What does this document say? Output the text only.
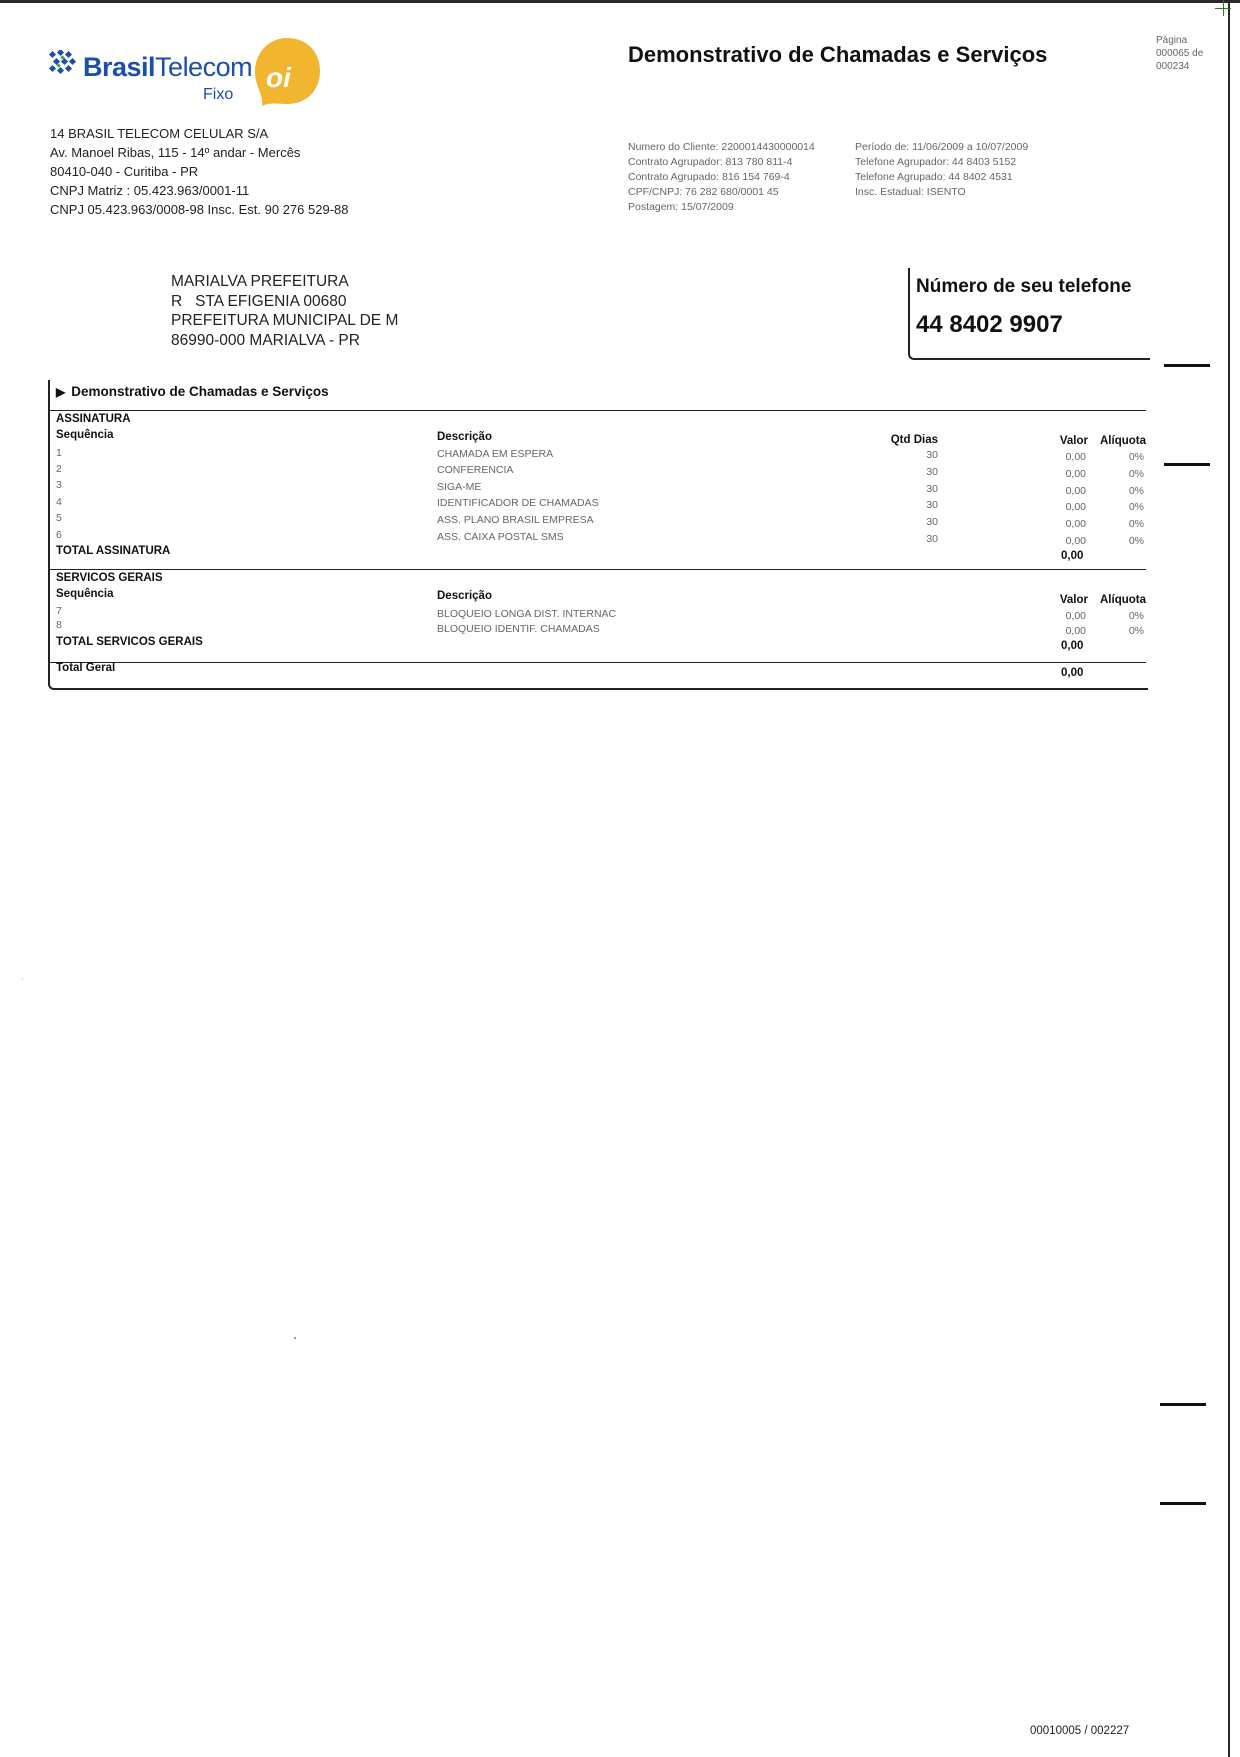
BrasilTelecom
Fixo
oi
14 BRASIL TELECOM CELULAR S/A
Av. Manoel Ribas, 115 - 14º andar - Mercês
80410-040 - Curitiba - PR
CNPJ Matriz : 05.423.963/0001-11
CNPJ 05.423.963/0008-98 Insc. Est. 90 276 529-88
Demonstrativo de Chamadas e Serviços
Página
000065 de
000234
Numero do Cliente: 2200014430000014
Contrato Agrupador: 813 780 811-4
Contrato Agrupado: 816 154 769-4
CPF/CNPJ: 76 282 680/0001 45
Postagem: 15/07/2009
Período de: 11/06/2009 a 10/07/2009
Telefone Agrupador: 44 8403 5152
Telefone Agrupado: 44 8402 4531
Insc. Estadual: ISENTO
MARIALVA PREFEITURA
R   STA EFIGENIA 00680
PREFEITURA MUNICIPAL DE M
86990-000 MARIALVA - PR
Número de seu telefone
44 8402 9907
▶ Demonstrativo de Chamadas e Serviços
ASSINATURA
Sequência	Descrição	Qtd Dias	Valor	Alíquota
1	CHAMADA EM ESPERA	30	0,00	0%
2	CONFERENCIA	30	0,00	0%
3	SIGA-ME	30	0,00	0%
4	IDENTIFICADOR DE CHAMADAS	30	0,00	0%
5	ASS. PLANO BRASIL EMPRESA	30	0,00	0%
6	ASS. CAIXA POSTAL SMS	30	0,00	0%
TOTAL ASSINATURA	0,00
SERVICOS GERAIS
Sequência	Descrição	Valor	Alíquota
7	BLOQUEIO LONGA DIST. INTERNAC	0,00	0%
8	BLOQUEIO IDENTIF. CHAMADAS	0,00	0%
TOTAL SERVICOS GERAIS	0,00
Total Geral	0,00
00010005 / 002227
